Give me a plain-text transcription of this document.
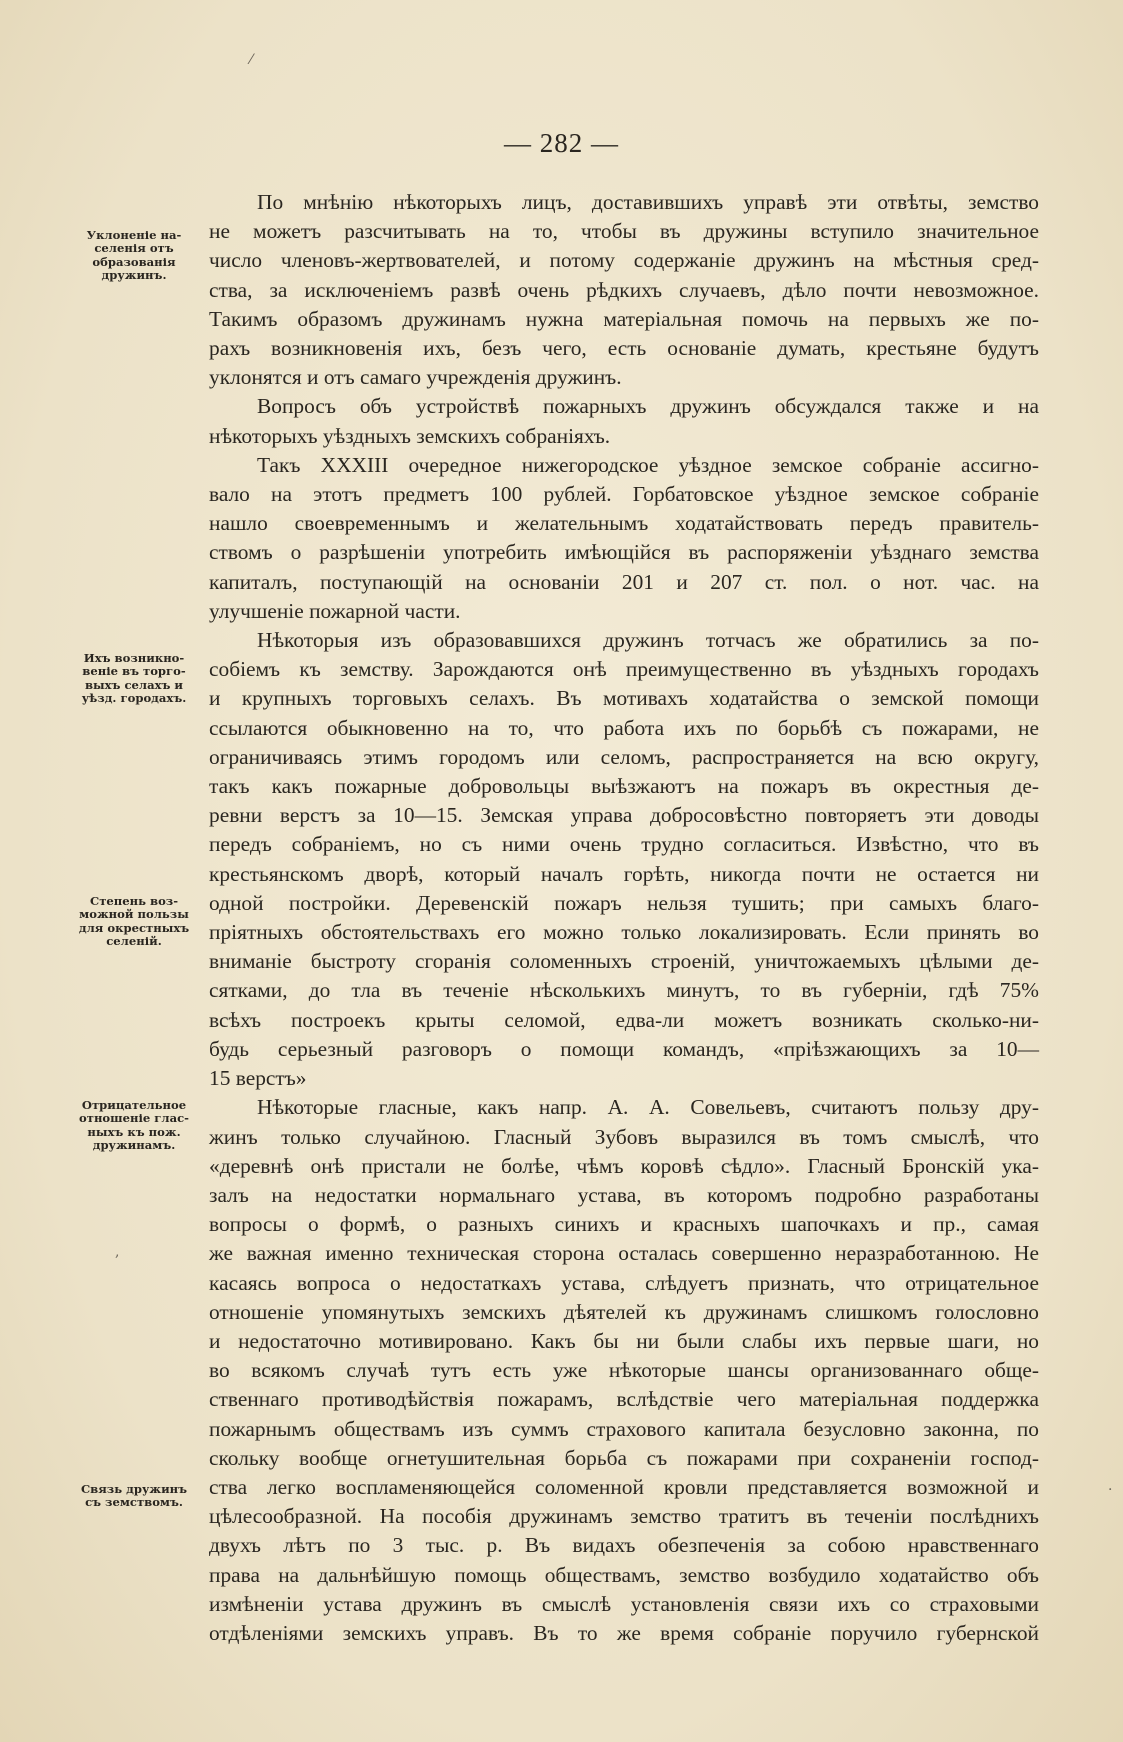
— 282 —
Уклоненіе на-
селенія отъ
образованія
дружинъ.
Ихъ возникно-
веніе въ торго-
выхъ селахъ и
уѣзд. городахъ.
Степень воз-
можной пользы
для окрестныхъ
селеній.
Отрицательное
отношеніе глас-
ныхъ къ пож.
дружинамъ.
Связь дружинъ
съ земствомъ.
⁄
,
·
По мнѣнію нѣкоторыхъ лицъ, доставившихъ управѣ эти отвѣты, земство
не можетъ разсчитывать на то, чтобы въ дружины вступило значительное
число членовъ-жертвователей, и потому содержаніе дружинъ на мѣстныя сред-
ства, за исключеніемъ развѣ очень рѣдкихъ случаевъ, дѣло почти невозможное.
Такимъ образомъ дружинамъ нужна матеріальная помочь на первыхъ же по-
рахъ возникновенія ихъ, безъ чего, есть основаніе думать, крестьяне будутъ
уклонятся и отъ самаго учрежденія дружинъ.
Вопросъ объ устройствѣ пожарныхъ дружинъ обсуждался также и на
нѣкоторыхъ уѣздныхъ земскихъ собраніяхъ.
Такъ XXXIII очередное нижегородское уѣздное земское собраніе ассигно-
вало на этотъ предметъ 100 рублей. Горбатовское уѣздное земское собраніе
нашло своевременнымъ и желательнымъ ходатайствовать передъ правитель-
ствомъ о разрѣшеніи употребить имѣющійся въ распоряженіи уѣзднаго земства
капиталъ, поступающій на основаніи 201 и 207 ст. пол. о нот. час. на
улучшеніе пожарной части.
Нѣкоторыя изъ образовавшихся дружинъ тотчасъ же обратились за по-
собіемъ къ земству. Зарождаются онѣ преимущественно въ уѣздныхъ городахъ
и крупныхъ торговыхъ селахъ. Въ мотивахъ ходатайства о земской помощи
ссылаются обыкновенно на то, что работа ихъ по борьбѣ съ пожарами, не
ограничиваясь этимъ городомъ или селомъ, распространяется на всю округу,
такъ какъ пожарные добровольцы выѣзжаютъ на пожаръ въ окрестныя де-
ревни верстъ за 10—15. Земская управа добросовѣстно повторяетъ эти доводы
передъ собраніемъ, но съ ними очень трудно согласиться. Извѣстно, что въ
крестьянскомъ дворѣ, который началъ горѣть, никогда почти не остается ни
одной постройки. Деревенскій пожаръ нельзя тушить; при самыхъ благо-
пріятныхъ обстоятельствахъ его можно только локализировать. Если принять во
вниманіе быстроту сгоранія соломенныхъ строеній, уничтожаемыхъ цѣлыми де-
сятками, до тла въ теченіе нѣсколькихъ минутъ, то въ губерніи, гдѣ 75%
всѣхъ построекъ крыты селомой, едва-ли можетъ возникать сколько-ни-
будь серьезный разговоръ о помощи командъ, «пріѣзжающихъ за 10—
15 верстъ»
Нѣкоторые гласные, какъ напр. А. А. Совельевъ, считаютъ пользу дру-
жинъ только случайною. Гласный Зубовъ выразился въ томъ смыслѣ, что
«деревнѣ онѣ пристали не болѣе, чѣмъ коровѣ сѣдло». Гласный Бронскій ука-
залъ на недостатки нормальнаго устава, въ которомъ подробно разработаны
вопросы о формѣ, о разныхъ синихъ и красныхъ шапочкахъ и пр., самая
же важная именно техническая сторона осталась совершенно неразработанною. Не
касаясь вопроса о недостаткахъ устава, слѣдуетъ признать, что отрицательное
отношеніе упомянутыхъ земскихъ дѣятелей къ дружинамъ слишкомъ голословно
и недостаточно мотивировано. Какъ бы ни были слабы ихъ первые шаги, но
во всякомъ случаѣ тутъ есть уже нѣкоторые шансы организованнаго обще-
ственнаго противодѣйствія пожарамъ, вслѣдствіе чего матеріальная поддержка
пожарнымъ обществамъ изъ суммъ страхового капитала безусловно законна, по
скольку вообще огнетушительная борьба съ пожарами при сохраненіи господ-
ства легко воспламеняющейся соломенной кровли представляется возможной и
цѣлесообразной. На пособія дружинамъ земство тратитъ въ теченіи послѣднихъ
двухъ лѣтъ по 3 тыс. р. Въ видахъ обезпеченія за собою нравственнаго
права на дальнѣйшую помощь обществамъ, земство возбудило ходатайство объ
измѣненіи устава дружинъ въ смыслѣ установленія связи ихъ со страховыми
отдѣленіями земскихъ управъ. Въ то же время собраніе поручило губернской
